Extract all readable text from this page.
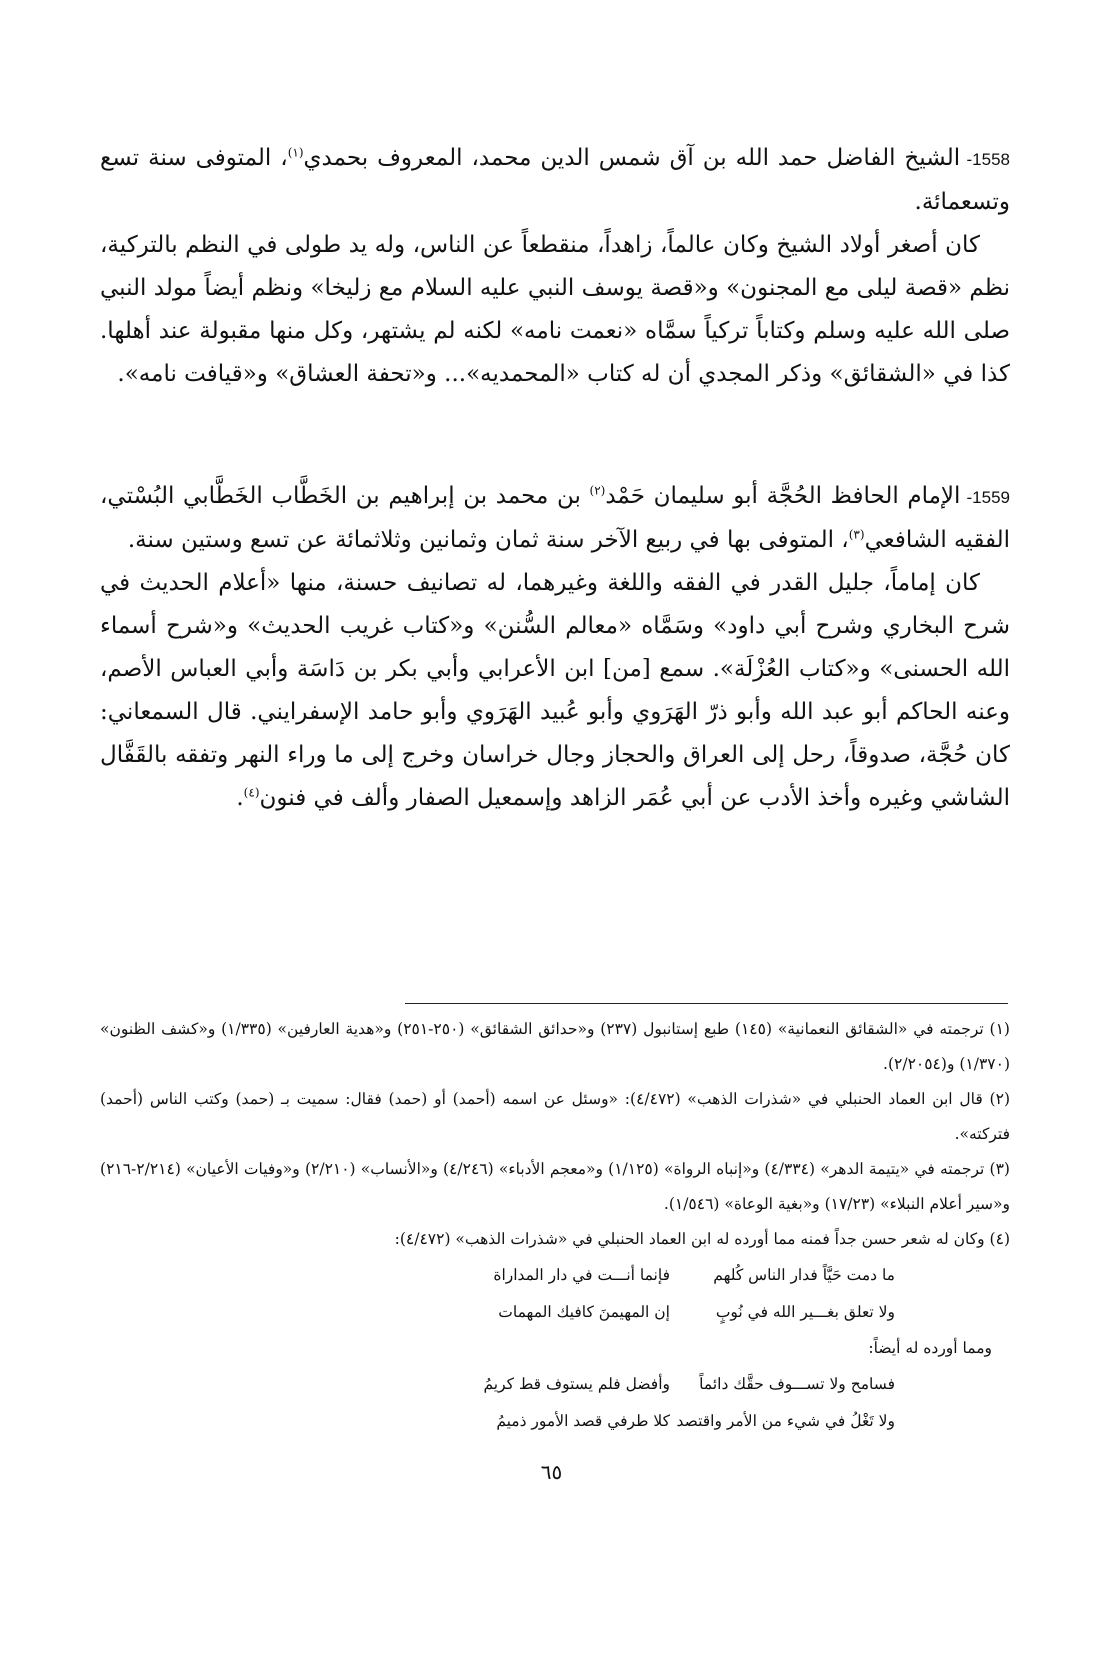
1558- الشيخ الفاضل حمد الله بن آق شمس الدين محمد، المعروف بحمدي$^{(١)}$، المتوفى سنة تسع وتسعمائة.

كان أصغر أولاد الشيخ وكان عالماً، زاهداً، منقطعاً عن الناس، وله يد طولى في النظم بالتركية، نظم «قصة ليلى مع المجنون» و«قصة يوسف النبي عليه السلام مع زليخا» ونظم أيضاً مولد النبي صلى الله عليه وسلم وكتاباً تركياً سمَّاه «نعمت نامه» لكنه لم يشتهر، وكل منها مقبولة عند أهلها. كذا في «الشقائق» وذكر المجدي أن له كتاب «المحمديه»... و«تحفة العشاق» و«قيافت نامه».

1559- الإمام الحافظ الحُجَّة أبو سليمان حَمْد$^{(٢)}$ بن محمد بن إبراهيم بن الخَطَّاب الخَطَّابي البُسْتي، الفقيه الشافعي$^{(٣)}$، المتوفى بها في ربيع الآخر سنة ثمان وثمانين وثلاثمائة عن تسع وستين سنة.

كان إماماً، جليل القدر في الفقه واللغة وغيرهما، له تصانيف حسنة، منها «أعلام الحديث في شرح البخاري وشرح أبي داود» وسَمَّاه «معالم السُّنن» و«كتاب غريب الحديث» و«شرح أسماء الله الحسنى» و«كتاب العُزْلَة». سمع [من] ابن الأعرابي وأبي بكر بن دَاسَة وأبي العباس الأصم، وعنه الحاكم أبو عبد الله وأبو ذرّ الهَرَوي وأبو عُبيد الهَرَوي وأبو حامد الإسفرايني. قال السمعاني: كان حُجَّة، صدوقاً، رحل إلى العراق والحجاز وجال خراسان وخرج إلى ما وراء النهر وتفقه بالقَفَّال الشاشي وغيره وأخذ الأدب عن أبي عُمَر الزاهد وإسمعيل الصفار وألف في فنون$^{(٤)}$.

(١) ترجمته في «الشقائق النعمانية» (١٤٥) طبع إستانبول (٢٣٧) و«حدائق الشقائق» (٢٥٠-٢٥١) و«هدية العارفين» (١/٣٣٥) و«كشف الظنون» (١/٣٧٠) و(٢/٢٠٥٤).

(٢) قال ابن العماد الحنبلي في «شذرات الذهب» (٤/٤٧٢): «وسئل عن اسمه (أحمد) أو (حمد) فقال: سميت بـ (حمد) وكتب الناس (أحمد) فتركته».

(٣) ترجمته في «يتيمة الدهر» (٤/٣٣٤) و«إنباه الرواة» (١/١٢٥) و«معجم الأدباء» (٤/٢٤٦) و«الأنساب» (٢/٢١٠) و«وفيات الأعيان» (٢/٢١٤-٢١٦) و«سير أعلام النبلاء» (١٧/٢٣) و«بغية الوعاة» (١/٥٤٦).

(٤) وكان له شعر حسن جداً فمنه مما أورده له ابن العماد الحنبلي في «شذرات الذهب» (٤/٤٧٢):

ما دمت حَيَّاً فدار الناس كُلهم
فإنما أنـــت في دار المداراة
ولا تعلق بغـــير الله في نُوبٍ
إن المهيمنَ كافيك المهمات

ومما أورده له أيضاً:

فسامح ولا تســـوف حقَّك دائماً
وأفضل فلم يستوف قط كريمُ
ولا تَغْلُ في شيء من الأمر واقتصد
كلا طرفي قصد الأمور ذميمُ
٦٥
